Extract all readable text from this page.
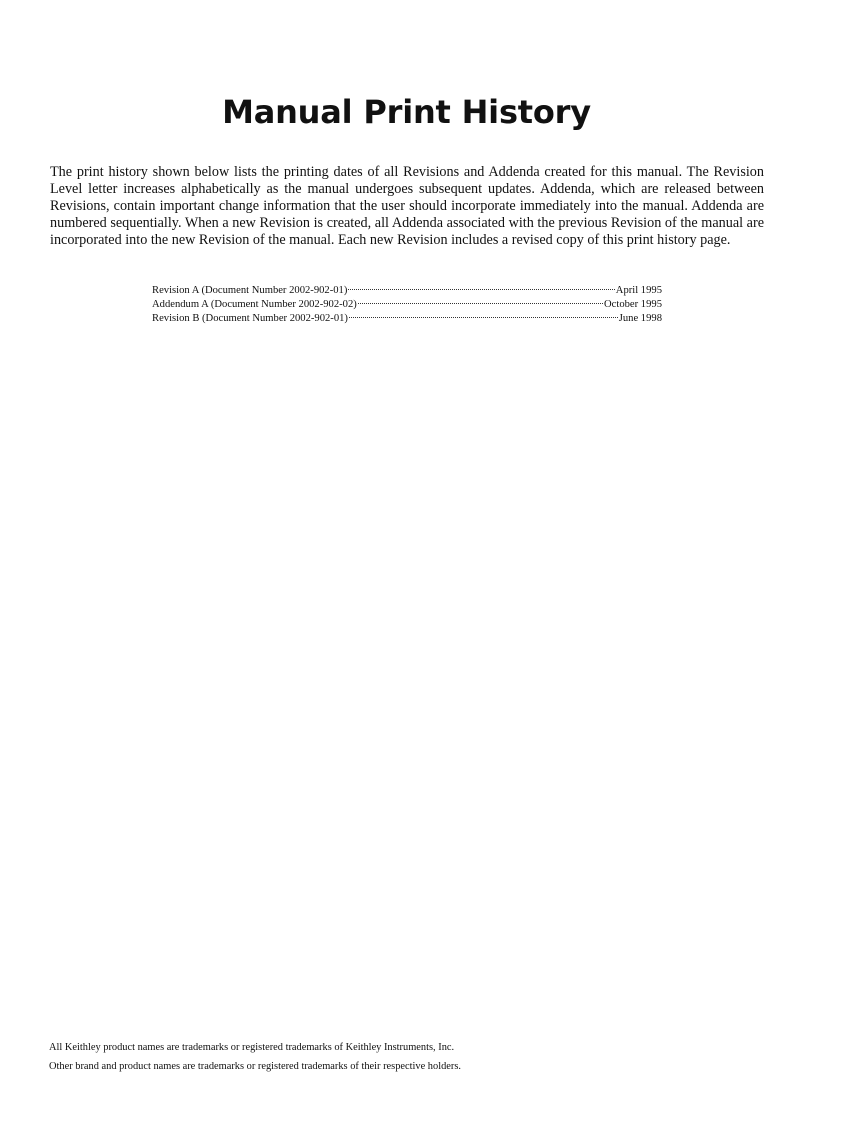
Manual Print History

The print history shown below lists the printing dates of all Revisions and Addenda created for this manual. The Revision Level letter increases alphabetically as the manual undergoes subsequent updates. Addenda, which are released between Revisions, contain important change information that the user should incorporate immediately into the manual. Addenda are numbered sequentially. When a new Revision is created, all Addenda associated with the previous Revision of the manual are incorporated into the new Revision of the manual. Each new Revision includes a revised copy of this print history page.

Revision A (Document Number 2002-902-01)	April 1995
Addendum A (Document Number 2002-902-02)	October 1995
Revision B (Document Number 2002-902-01)	June 1998

All Keithley product names are trademarks or registered trademarks of Keithley Instruments, Inc.

Other brand and product names are trademarks or registered trademarks of their respective holders.
